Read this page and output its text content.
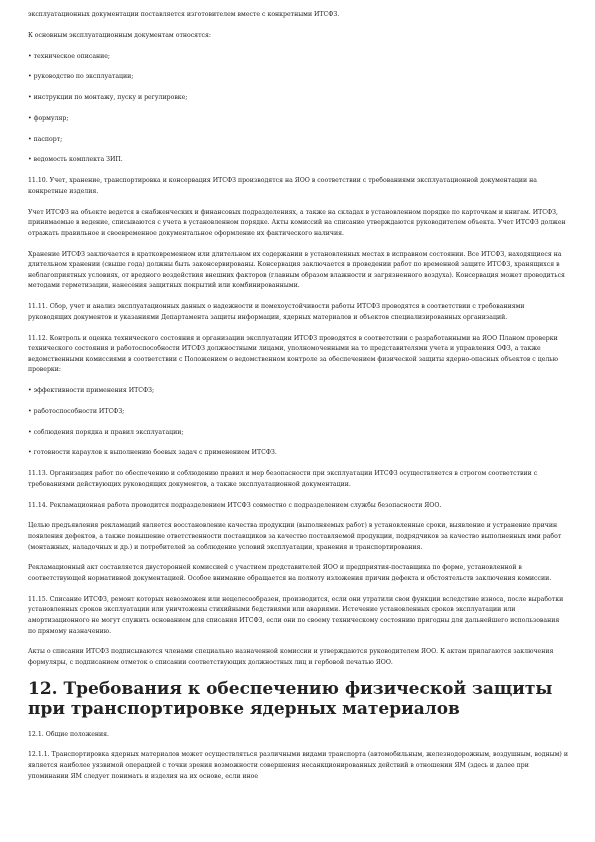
эксплуатационных документации поставляется изготовителем вместе с конкретными ИТСФЗ.

К основным эксплуатационным документам относятся:

• техническое описание;

• руководство по эксплуатации;

• инструкции по монтажу, пуску и регулировке;

• формуляр;

• паспорт;

• ведомость комплекта ЗИП.

11.10. Учет, хранение, транспортировка и консервация ИТСФЗ производятся на ЯОО в соответствии с требованиями эксплуатационной документации на конкретные изделия.

Учет ИТСФЗ на объекте ведется в снабженческих и финансовых подразделениях, а также на складах в установленном порядке по карточкам и книгам. ИТСФЗ, принимаемые в ведение, списываются с учета в установленном порядке. Акты комиссий на списание утверждаются руководителем объекта. Учет ИТСФЗ должен отражать правильное и своевременное документальное оформление их фактического наличия.

Хранение ИТСФЗ заключается в кратковременном или длительном их содержании в установленных местах в исправном состоянии. Все ИТСФЗ, находящиеся на длительном хранении (свыше года) должны быть законсервированы. Консервация заключается в проведении работ по временной защите ИТСФЗ, хранящихся в неблагоприятных условиях, от вредного воздействия внешних факторов (главным образом влажности и загрязненного воздуха). Консервация может проводиться методами герметизации, нанесения защитных покрытий или комбинированными.

11.11. Сбор, учет и анализ эксплуатационных данных о надежности и помехоустойчивости работы ИТСФЗ проводятся в соответствии с требованиями руководящих документов и указаниями Департамента защиты информации, ядерных материалов и объектов специализированных организаций.

11.12. Контроль и оценка технического состояния и организации эксплуатации ИТСФЗ проводятся в соответствии с разработанными на ЯОО Планом проверки технического состояния и работоспособности ИТСФЗ должностными лицами, уполномоченными на то представителями учета и управления ОФЗ, а также ведомственными комиссиями в соответствии с Положением о ведомственном контроле за обеспечением физической защиты ядерно-опасных объектов с целью проверки:

• эффективности применения ИТСФЗ;

• работоспособности ИТСФЗ;

• соблюдения порядка и правил эксплуатации;

• готовности караулов к выполнению боевых задач с применением ИТСФЗ.

11.13. Организация работ по обеспечению и соблюдению правил и мер безопасности при эксплуатации ИТСФЗ осуществляется в строгом соответствии с требованиями действующих руководящих документов, а также эксплуатационной документации.

11.14. Рекламационная работа проводится подразделением ИТСФЗ совместно с подразделением службы безопасности ЯОО.

Целью предъявления рекламаций является восстановление качества продукции (выполняемых работ) в установленные сроки, выявление и устранение причин появления дефектов, а также повышение ответственности поставщиков за качество поставляемой продукции, подрядчиков за качество выполненных ими работ (монтажных, наладочных и др.) и потребителей за соблюдение условий эксплуатации, хранения и транспортирования.

Рекламационный акт составляется двусторонней комиссией с участием представителей ЯОО и предприятия-поставщика по форме, установленной в соответствующей нормативной документацией. Особое внимание обращается на полноту изложения причин дефекта и обстоятельств заключения комиссии.

11.15. Списание ИТСФЗ, ремонт которых невозможен или нецелесообразен, производится, если они утратили свои функции вследствие износа, после выработки установленных сроков эксплуатации или уничтожены стихийными бедствиями или авариями. Истечение установленных сроков эксплуатации или амортизационного не могут служить основанием для списания ИТСФЗ, если они по своему техническому состоянию пригодны для дальнейшего использования по прямому назначению.

Акты о списании ИТСФЗ подписываются членами специально назначенной комиссии и утверждаются руководителем ЯОО. К актам прилагаются заключения формуляры, с подписанием отметок о списании соответствующих должностных лиц и гербовой печатью ЯОО.

12. Требования к обеспечению физической защиты при транспортировке ядерных материалов

12.1. Общие положения.

12.1.1. Транспортировка ядерных материалов может осуществляться различными видами транспорта (автомобильным, железнодорожным, воздушным, водным) и является наиболее уязвимой операцией с точки зрения возможности совершения несанкционированных действий в отношении ЯМ (здесь и далее при упоминании ЯМ следует понимать и изделия на их основе, если иное
